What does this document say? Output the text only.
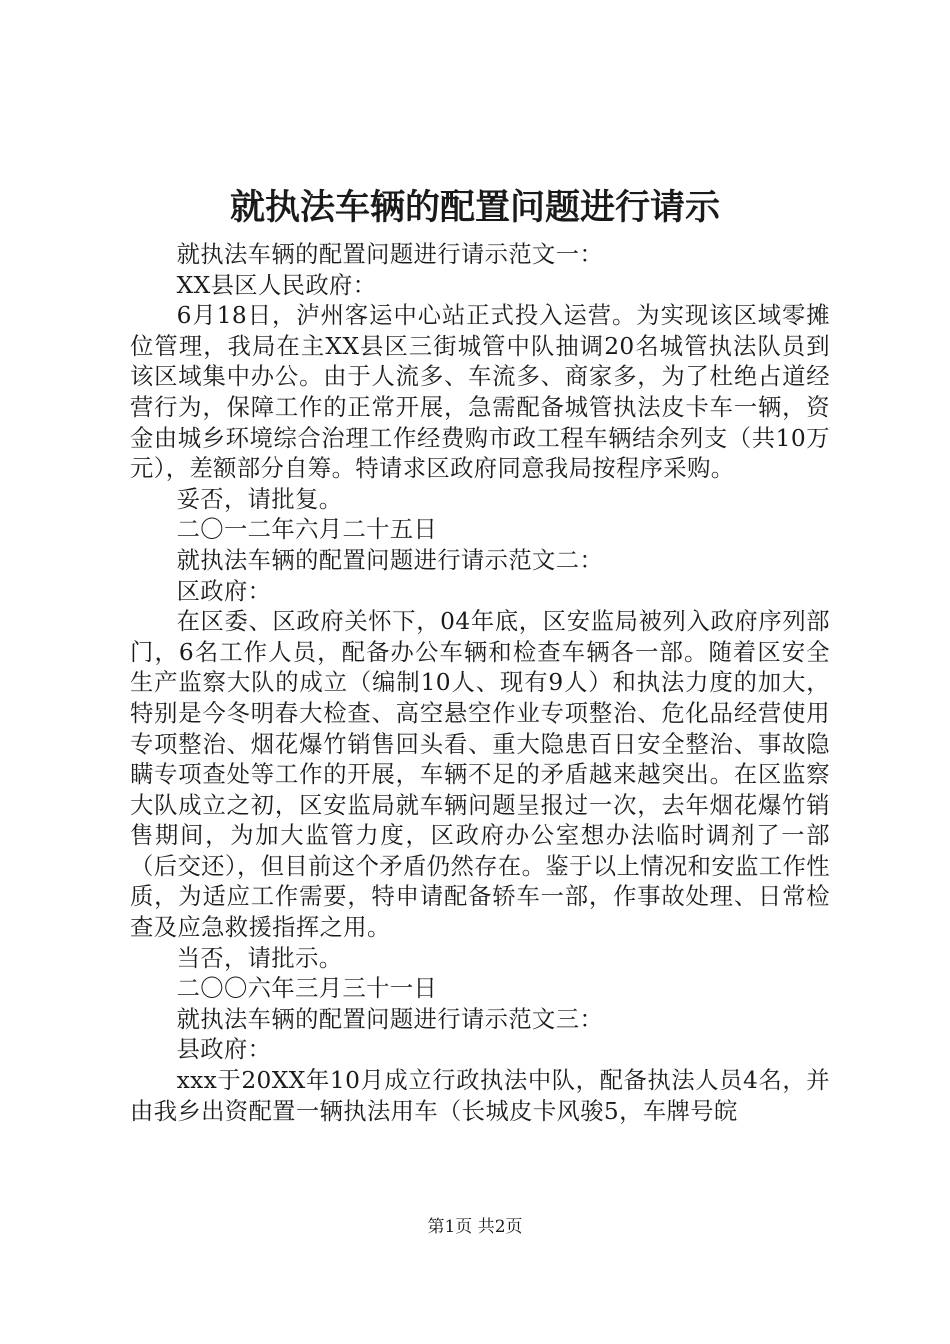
就执法车辆的配置问题进行请示

就执法车辆的配置问题进行请示范文一：

XX县区人民政府：

6月18日，泸州客运中心站正式投入运营。为实现该区域零摊位管理，我局在主XX县区三街城管中队抽调20名城管执法队员到该区域集中办公。由于人流多、车流多、商家多，为了杜绝占道经营行为，保障工作的正常开展，急需配备城管执法皮卡车一辆，资金由城乡环境综合治理工作经费购市政工程车辆结余列支（共10万元），差额部分自筹。特请求区政府同意我局按程序采购。

妥否，请批复。

二〇一二年六月二十五日

就执法车辆的配置问题进行请示范文二：

区政府：

在区委、区政府关怀下，04年底，区安监局被列入政府序列部门，6名工作人员，配备办公车辆和检查车辆各一部。随着区安全生产监察大队的成立（编制10人、现有9人）和执法力度的加大，特别是今冬明春大检查、高空悬空作业专项整治、危化品经营使用专项整治、烟花爆竹销售回头看、重大隐患百日安全整治、事故隐瞒专项查处等工作的开展，车辆不足的矛盾越来越突出。在区监察大队成立之初，区安监局就车辆问题呈报过一次，去年烟花爆竹销售期间，为加大监管力度，区政府办公室想办法临时调剂了一部（后交还），但目前这个矛盾仍然存在。鉴于以上情况和安监工作性质，为适应工作需要，特申请配备轿车一部，作事故处理、日常检查及应急救援指挥之用。

当否，请批示。

二〇〇六年三月三十一日

就执法车辆的配置问题进行请示范文三：

县政府：

xxx于20XX年10月成立行政执法中队，配备执法人员4名，并由我乡出资配置一辆执法用车（长城皮卡风骏5，车牌号皖

第1页 共2页
